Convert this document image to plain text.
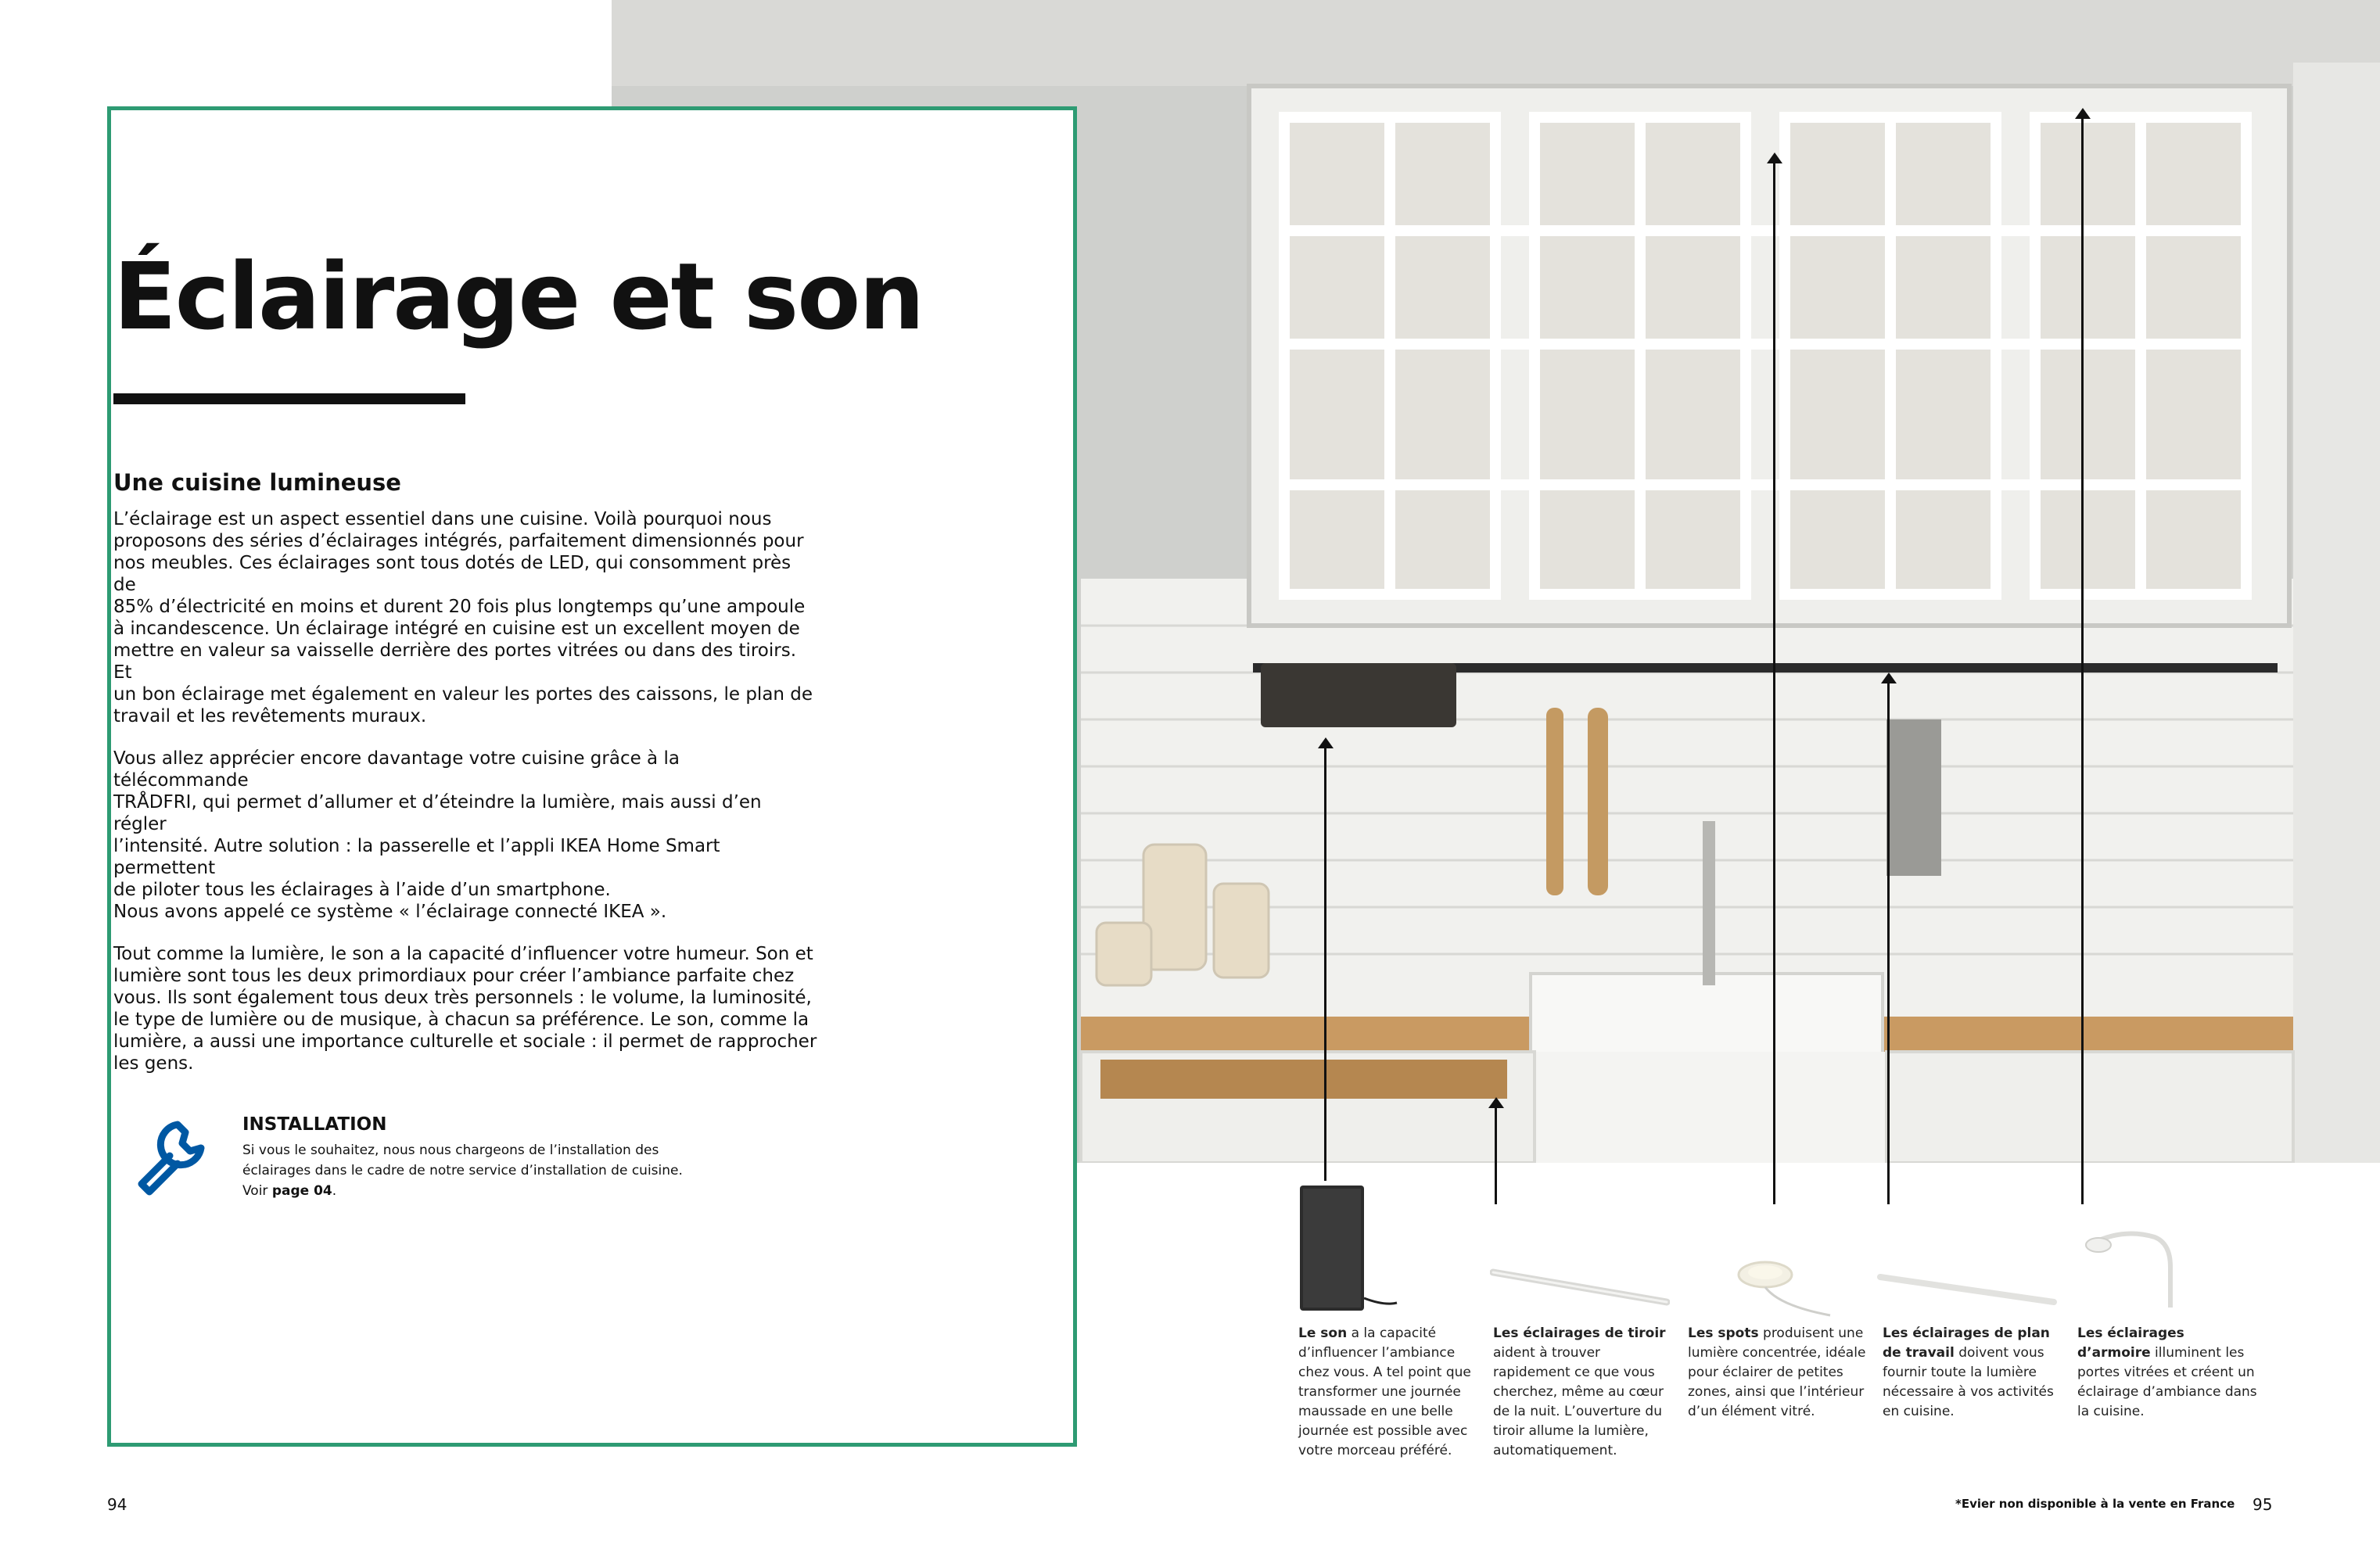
Éclairage et son
Une cuisine lumineuse

L’éclairage est un aspect essentiel dans une cuisine. Voilà pourquoi nous
proposons des séries d’éclairages intégrés, parfaitement dimensionnés pour
nos meubles. Ces éclairages sont tous dotés de LED, qui consomment près de
85% d’électricité en moins et durent 20 fois plus longtemps qu’une ampoule
à incandescence. Un éclairage intégré en cuisine est un excellent moyen de
mettre en valeur sa vaisselle derrière des portes vitrées ou dans des tiroirs. Et
un bon éclairage met également en valeur les portes des caissons, le plan de
travail et les revêtements muraux.

Vous allez apprécier encore davantage votre cuisine grâce à la télécommande
TRÅDFRI, qui permet d’allumer et d’éteindre la lumière, mais aussi d’en régler
l’intensité. Autre solution : la passerelle et l’appli IKEA Home Smart permettent
de piloter tous les éclairages à l’aide d’un smartphone.
Nous avons appelé ce système « l’éclairage connecté IKEA ».

Tout comme la lumière, le son a la capacité d’influencer votre humeur. Son et
lumière sont tous les deux primordiaux pour créer l’ambiance parfaite chez
vous. Ils sont également tous deux très personnels : le volume, la luminosité,
le type de lumière ou de musique, à chacun sa préférence. Le son, comme la
lumière, a aussi une importance culturelle et sociale : il permet de rapprocher
les gens.

INSTALLATION
Si vous le souhaitez, nous nous chargeons de l’installation des
éclairages dans le cadre de notre service d’installation de cuisine.
Voir page 04.
Le son a la capacité d’influencer l’ambiance chez vous. A tel point que transformer une journée maussade en une belle journée est possible avec votre morceau préféré.
Les éclairages de tiroir aident à trouver rapidement ce que vous cherchez, même au cœur de la nuit. L’ouverture du tiroir allume la lumière, automatiquement.
Les spots produisent une lumière concentrée, idéale pour éclairer de petites zones, ainsi que l’intérieur d’un élément vitré.
Les éclairages de plan de travail doivent vous fournir toute la lumière nécessaire à vos activités en cuisine.
Les éclairages d’armoire illuminent les portes vitrées et créent un éclairage d’ambiance dans la cuisine.
94	*Evier non disponible à la vente en France 95
